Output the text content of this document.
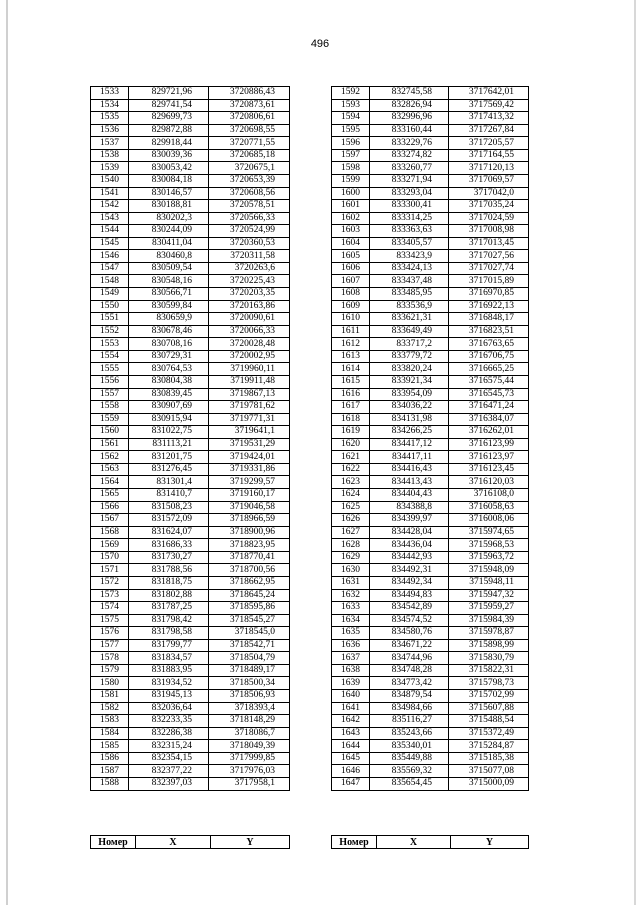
496
1533	829721,96	3720886,43
1534	829741,54	3720873,61
1535	829699,73	3720806,61
1536	829872,88	3720698,55
1537	829918,44	3720771,55
1538	830039,36	3720685,18
1539	830053,42	3720675,1
1540	830084,18	3720653,39
1541	830146,57	3720608,56
1542	830188,81	3720578,51
1543	830202,3	3720566,33
1544	830244,09	3720524,99
1545	830411,04	3720360,53
1546	830460,8	3720311,58
1547	830509,54	3720263,6
1548	830548,16	3720225,43
1549	830566,71	3720203,35
1550	830599,84	3720163,86
1551	830659,9	3720090,61
1552	830678,46	3720066,33
1553	830708,16	3720028,48
1554	830729,31	3720002,95
1555	830764,53	3719960,11
1556	830804,38	3719911,48
1557	830839,45	3719867,13
1558	830907,69	3719781,62
1559	830915,94	3719771,31
1560	831022,75	3719641,1
1561	831113,21	3719531,29
1562	831201,75	3719424,01
1563	831276,45	3719331,86
1564	831301,4	3719299,57
1565	831410,7	3719160,17
1566	831508,23	3719046,58
1567	831572,09	3718966,59
1568	831624,07	3718900,96
1569	831686,33	3718823,95
1570	831730,27	3718770,41
1571	831788,56	3718700,56
1572	831818,75	3718662,95
1573	831802,88	3718645,24
1574	831787,25	3718595,86
1575	831798,42	3718545,27
1576	831798,58	3718545,0
1577	831799,77	3718542,71
1578	831834,57	3718504,79
1579	831883,95	3718489,17
1580	831934,52	3718500,34
1581	831945,13	3718506,93
1582	832036,64	3718393,4
1583	832233,35	3718148,29
1584	832286,38	3718086,7
1585	832315,24	3718049,39
1586	832354,15	3717999,85
1587	832377,22	3717976,03
1588	832397,03	3717958,1
1592	832745,58	3717642,01
1593	832826,94	3717569,42
1594	832996,96	3717413,32
1595	833160,44	3717267,84
1596	833229,76	3717205,57
1597	833274,82	3717164,55
1598	833260,77	3717120,13
1599	833271,94	3717069,57
1600	833293,04	3717042,0
1601	833300,41	3717035,24
1602	833314,25	3717024,59
1603	833363,63	3717008,98
1604	833405,57	3717013,45
1605	833423,9	3717027,56
1606	833424,13	3717027,74
1607	833437,48	3717015,89
1608	833485,95	3716970,85
1609	833536,9	3716922,13
1610	833621,31	3716848,17
1611	833649,49	3716823,51
1612	833717,2	3716763,65
1613	833779,72	3716706,75
1614	833820,24	3716665,25
1615	833921,34	3716575,44
1616	833954,09	3716545,73
1617	834036,22	3716471,24
1618	834131,98	3716384,07
1619	834266,25	3716262,01
1620	834417,12	3716123,99
1621	834417,11	3716123,97
1622	834416,43	3716123,45
1623	834413,43	3716120,03
1624	834404,43	3716108,0
1625	834388,8	3716058,63
1626	834399,97	3716008,06
1627	834428,04	3715974,65
1628	834436,04	3715968,53
1629	834442,93	3715963,72
1630	834492,31	3715948,09
1631	834492,34	3715948,11
1632	834494,83	3715947,32
1633	834542,89	3715959,27
1634	834574,52	3715984,39
1635	834580,76	3715978,87
1636	834671,22	3715898,99
1637	834744,96	3715830,79
1638	834748,28	3715822,31
1639	834773,42	3715798,73
1640	834879,54	3715702,99
1641	834984,66	3715607,88
1642	835116,27	3715488,54
1643	835243,66	3715372,49
1644	835340,01	3715284,87
1645	835449,88	3715185,38
1646	835569,32	3715077,08
1647	835654,45	3715000,09
Номер	X	Y	Номер	X	Y
